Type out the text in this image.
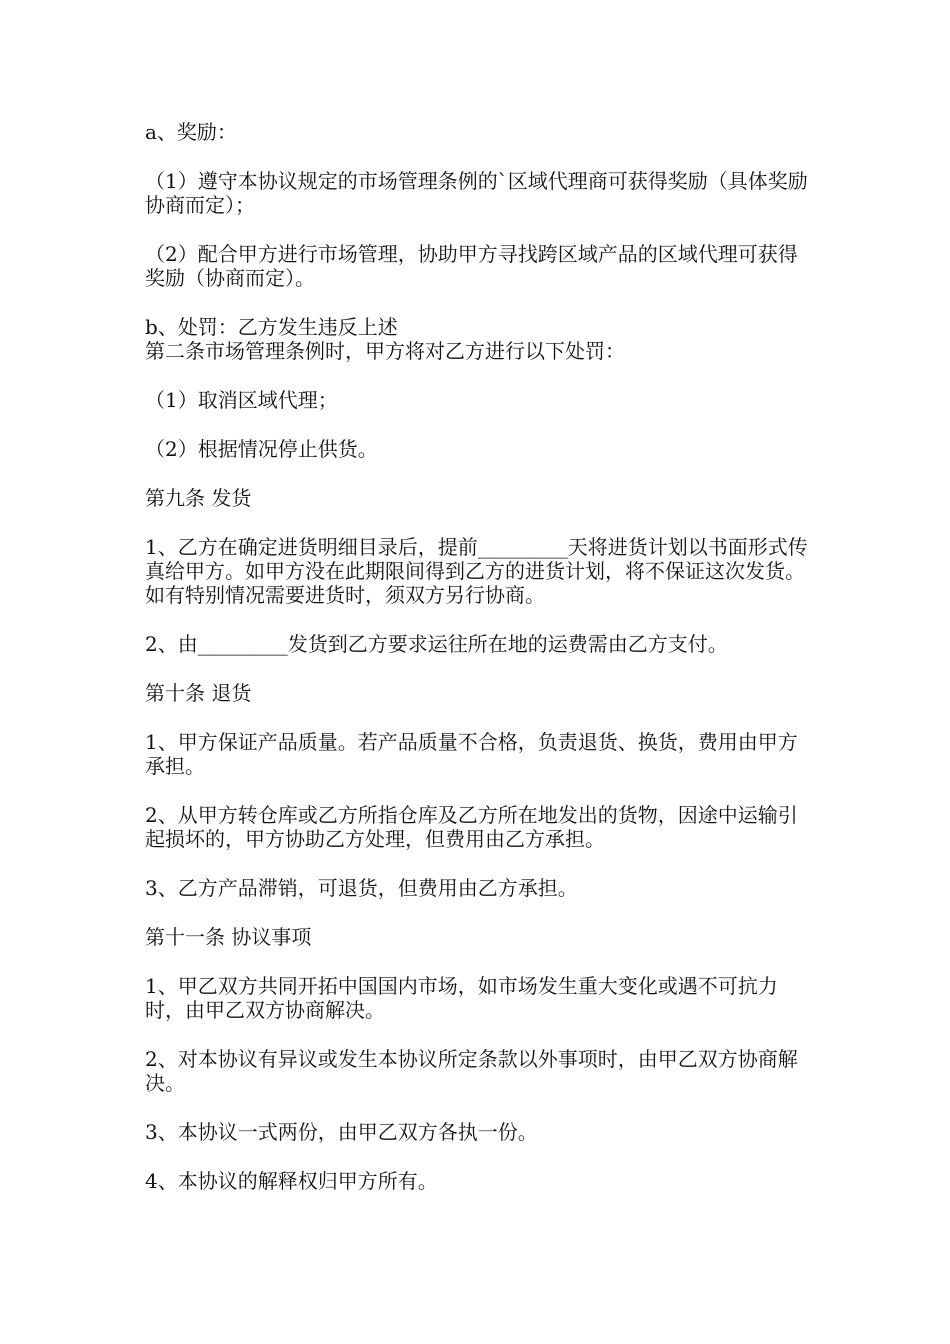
a、奖励：

（1）遵守本协议规定的市场管理条例的`区域代理商可获得奖励（具体奖励协商而定）；

（2）配合甲方进行市场管理，协助甲方寻找跨区域产品的区域代理可获得奖励（协商而定）。

b、处罚：乙方发生违反上述

第二条市场管理条例时，甲方将对乙方进行以下处罚：

（1）取消区域代理；

（2）根据情况停止供货。

第九条 发货

1、乙方在确定进货明细目录后，提前_________天将进货计划以书面形式传真给甲方。如甲方没在此期限间得到乙方的进货计划，将不保证这次发货。如有特别情况需要进货时，须双方另行协商。

2、由_________发货到乙方要求运往所在地的运费需由乙方支付。

第十条 退货

1、甲方保证产品质量。若产品质量不合格，负责退货、换货，费用由甲方承担。

2、从甲方转仓库或乙方所指仓库及乙方所在地发出的货物，因途中运输引起损坏的，甲方协助乙方处理，但费用由乙方承担。

3、乙方产品滞销，可退货，但费用由乙方承担。

第十一条 协议事项

1、甲乙双方共同开拓中国国内市场，如市场发生重大变化或遇不可抗力时，由甲乙双方协商解决。

2、对本协议有异议或发生本协议所定条款以外事项时，由甲乙双方协商解决。

3、本协议一式两份，由甲乙双方各执一份。

4、本协议的解释权归甲方所有。
